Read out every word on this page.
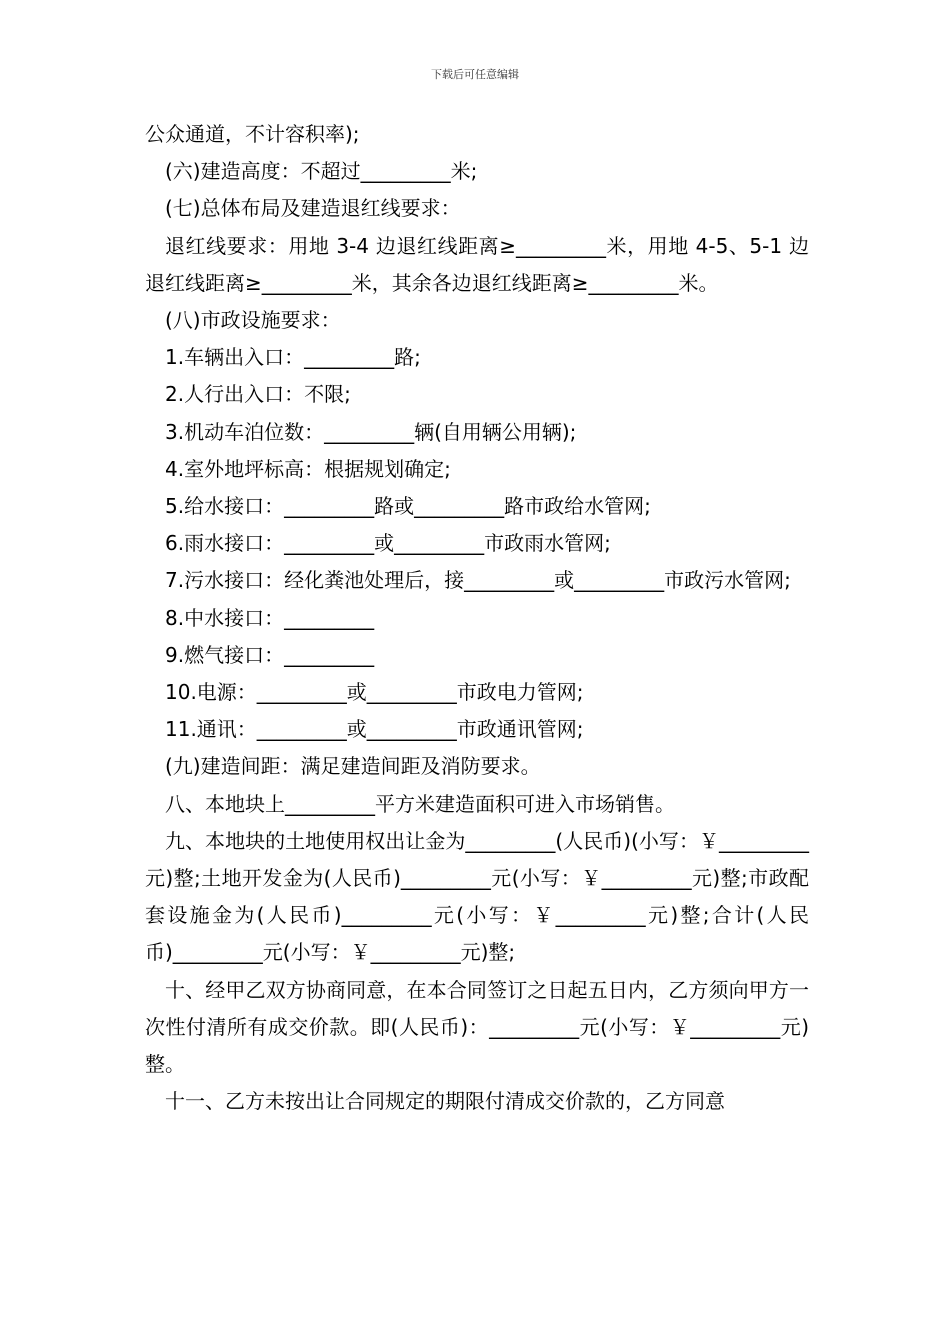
下载后可任意编辑

公众通道，不计容积率);

(六)建造高度：不超过_________米;

(七)总体布局及建造退红线要求：

退红线要求：用地 3-4 边退红线距离≥_________米，用地 4-5、5-1 边退红线距离≥_________米，其余各边退红线距离≥_________米。

(八)市政设施要求：

1.车辆出入口：_________路;

2.人行出入口：不限;

3.机动车泊位数：_________辆(自用辆公用辆);

4.室外地坪标高：根据规划确定;

5.给水接口：_________路或_________路市政给水管网;

6.雨水接口：_________或_________市政雨水管网;

7.污水接口：经化粪池处理后，接_________或_________市政污水管网;

8.中水接口：_________

9.燃气接口：_________

10.电源：_________或_________市政电力管网;

11.通讯：_________或_________市政通讯管网;

(九)建造间距：满足建造间距及消防要求。

八、本地块上_________平方米建造面积可进入市场销售。

九、本地块的土地使用权出让金为_________(人民币)(小写：￥_________元)整;土地开发金为(人民币)_________元(小写：￥_________元)整;市政配套设施金为(人民币)_________元(小写：￥_________元)整;合计(人民币)_________元(小写：￥_________元)整;

十、经甲乙双方协商同意，在本合同签订之日起五日内，乙方须向甲方一次性付清所有成交价款。即(人民币)：_________元(小写：￥_________元)整。

十一、乙方未按出让合同规定的期限付清成交价款的，乙方同意
